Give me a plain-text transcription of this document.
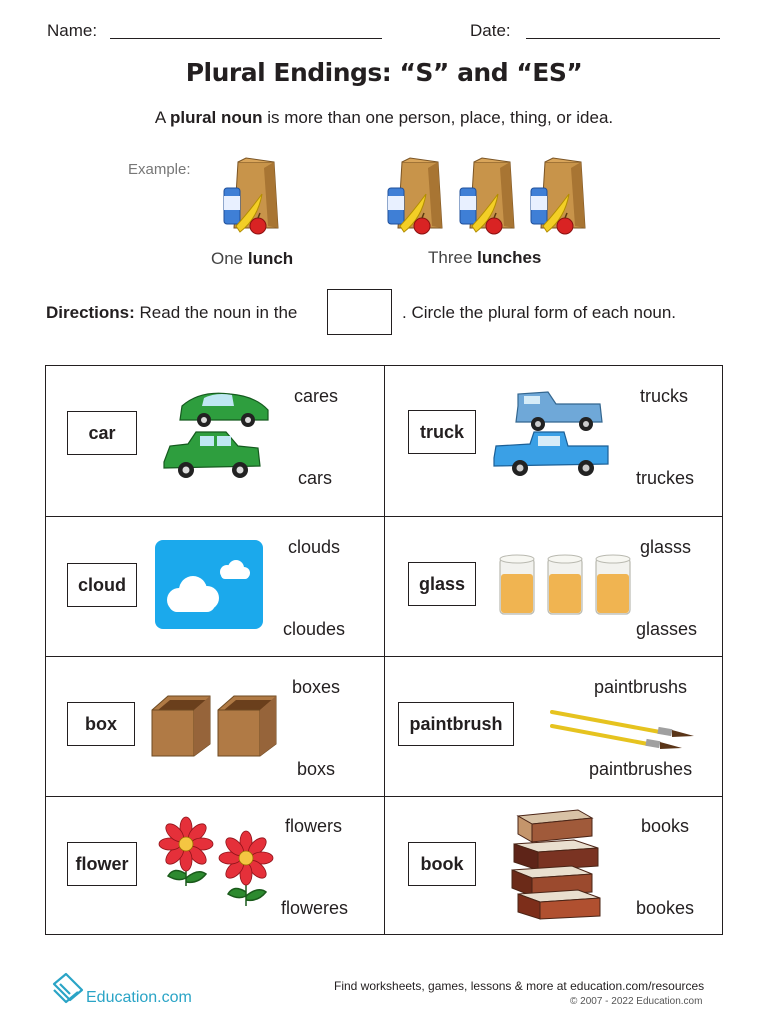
Name:	Date:
Plural Endings: “S” and “ES”
A plural noun is more than one person, place, thing, or idea.
Example:
One lunch	Three lunches
Directions: Read the noun in the	. Circle the plural form of each noun.
car
cares
cars
truck
trucks
truckes
cloud
clouds
cloudes
glass
glasss
glasses
box
boxes
boxs
paintbrush
paintbrushs
paintbrushes
flower
flowers
floweres
book
books
bookes
Education.com
Find worksheets, games, lessons & more at education.com/resources
© 2007 - 2022 Education.com
